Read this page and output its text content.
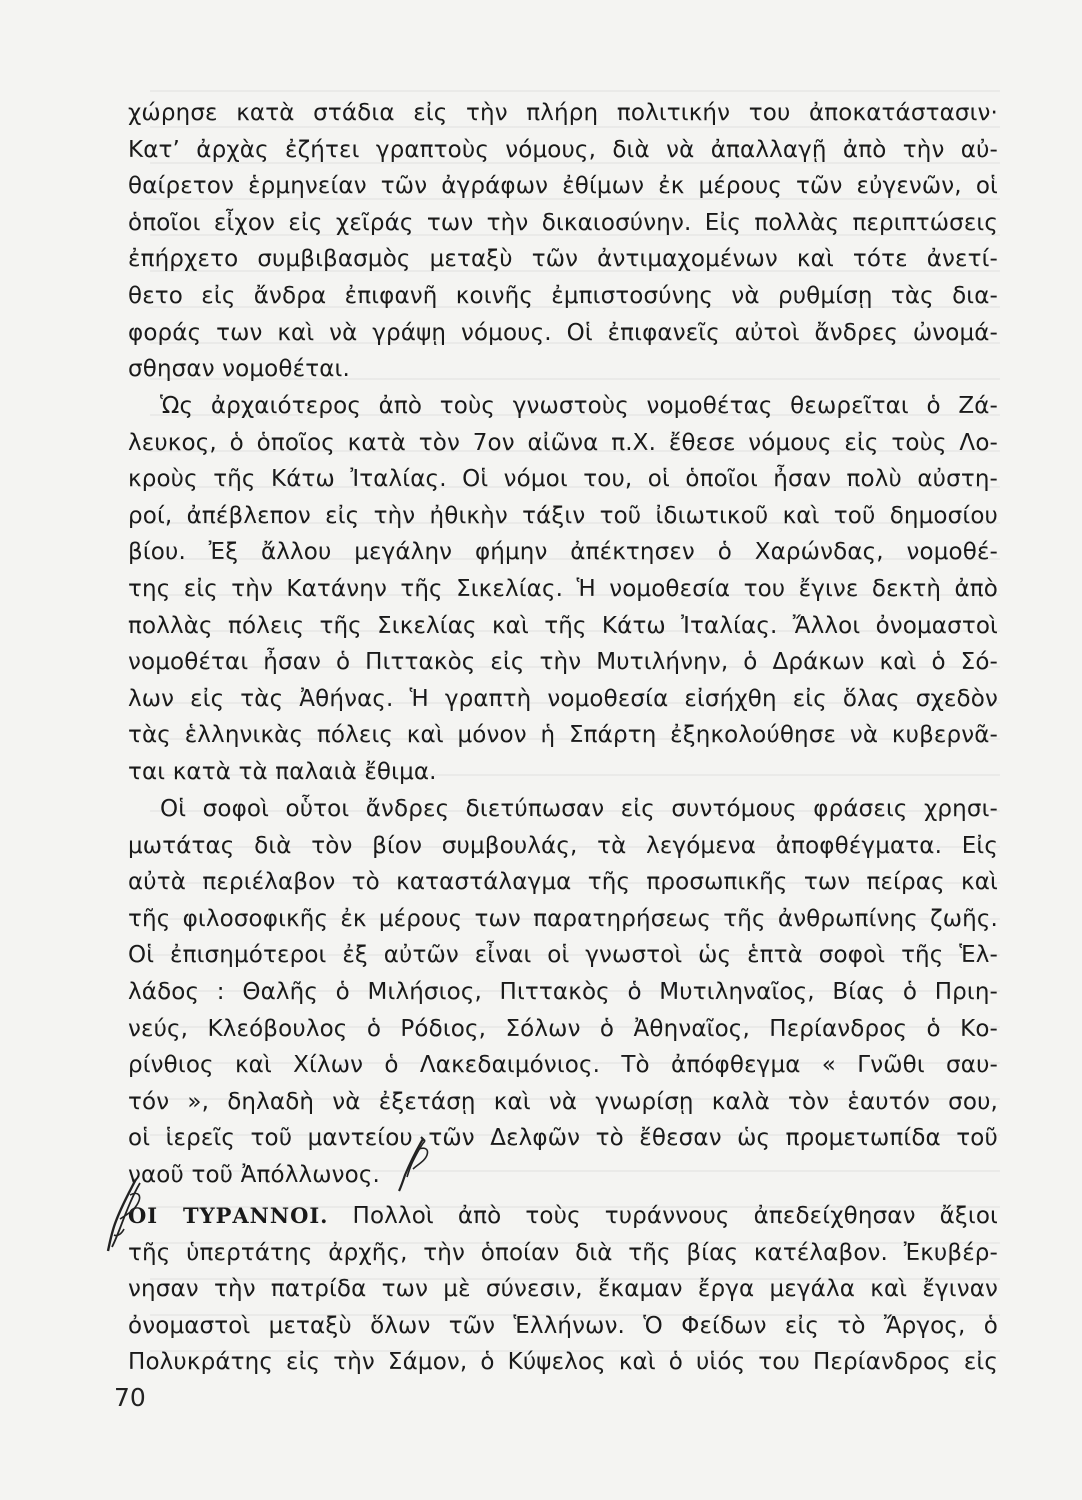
χώρησε κατὰ στάδια εἰς τὴν πλήρη πολιτικήν του ἀποκατάστασιν·
Κατ’ ἀρχὰς ἐζήτει γραπτοὺς νόμους, διὰ νὰ ἀπαλλαγῇ ἀπὸ τὴν αὐ-
θαίρετον ἑρμηνείαν τῶν ἀγράφων ἐθίμων ἐκ μέρους τῶν εὐγενῶν, οἱ
ὁποῖοι εἶχον εἰς χεῖράς των τὴν δικαιοσύνην. Εἰς πολλὰς περιπτώσεις
ἐπήρχετο συμβιβασμὸς μεταξὺ τῶν ἀντιμαχομένων καὶ τότε ἀνετί-
θετο εἰς ἄνδρα ἐπιφανῆ κοινῆς ἐμπιστοσύνης νὰ ρυθμίσῃ τὰς δια-
φοράς των καὶ νὰ γράψῃ νόμους. Οἱ ἐπιφανεῖς αὐτοὶ ἄνδρες ὠνομά-
σθησαν νομοθέται.
Ὡς ἀρχαιότερος ἀπὸ τοὺς γνωστοὺς νομοθέτας θεωρεῖται ὁ Ζά-
λευκος, ὁ ὁποῖος κατὰ τὸν 7ον αἰῶνα π.Χ. ἔθεσε νόμους εἰς τοὺς Λο-
κροὺς τῆς Κάτω Ἰταλίας. Οἱ νόμοι του, οἱ ὁποῖοι ἦσαν πολὺ αὐστη-
ροί, ἀπέβλεπον εἰς τὴν ἠθικὴν τάξιν τοῦ ἰδιωτικοῦ καὶ τοῦ δημοσίου
βίου. Ἐξ ἄλλου μεγάλην φήμην ἀπέκτησεν ὁ Χαρώνδας, νομοθέ-
της εἰς τὴν Κατάνην τῆς Σικελίας. Ἡ νομοθεσία του ἔγινε δεκτὴ ἀπὸ
πολλὰς πόλεις τῆς Σικελίας καὶ τῆς Κάτω Ἰταλίας. Ἄλλοι ὀνομαστοὶ
νομοθέται ἦσαν ὁ Πιττακὸς εἰς τὴν Μυτιλήνην, ὁ Δράκων καὶ ὁ Σό-
λων εἰς τὰς Ἀθήνας. Ἡ γραπτὴ νομοθεσία εἰσήχθη εἰς ὅλας σχεδὸν
τὰς ἑλληνικὰς πόλεις καὶ μόνον ἡ Σπάρτη ἐξηκολούθησε νὰ κυβερνᾶ-
ται κατὰ τὰ παλαιὰ ἔθιμα.
Οἱ σοφοὶ οὗτοι ἄνδρες διετύπωσαν εἰς συντόμους φράσεις χρησι-
μωτάτας διὰ τὸν βίον συμβουλάς, τὰ λεγόμενα ἀποφθέγματα. Εἰς
αὐτὰ περιέλαβον τὸ καταστάλαγμα τῆς προσωπικῆς των πείρας καὶ
τῆς φιλοσοφικῆς ἐκ μέρους των παρατηρήσεως τῆς ἀνθρωπίνης ζωῆς.
Οἱ ἐπισημότεροι ἐξ αὐτῶν εἶναι οἱ γνωστοὶ ὡς ἑπτὰ σοφοὶ τῆς Ἑλ-
λάδος : Θαλῆς ὁ Μιλήσιος, Πιττακὸς ὁ Μυτιληναῖος, Βίας ὁ Πριη-
νεύς, Κλεόβουλος ὁ Ρόδιος, Σόλων ὁ Ἀθηναῖος, Περίανδρος ὁ Κο-
ρίνθιος καὶ Χίλων ὁ Λακεδαιμόνιος. Τὸ ἀπόφθεγμα « Γνῶθι σαυ-
τόν », δηλαδὴ νὰ ἐξετάσῃ καὶ νὰ γνωρίσῃ καλὰ τὸν ἑαυτόν σου,
οἱ ἱερεῖς τοῦ μαντείου τῶν Δελφῶν τὸ ἔθεσαν ὡς προμετωπίδα τοῦ
ναοῦ τοῦ Ἀπόλλωνος.
ΟΙ ΤΥΡΑΝΝΟΙ. Πολλοὶ ἀπὸ τοὺς τυράννους ἀπεδείχθησαν ἄξιοι
τῆς ὑπερτάτης ἀρχῆς, τὴν ὁποίαν διὰ τῆς βίας κατέλαβον. Ἐκυβέρ-
νησαν τὴν πατρίδα των μὲ σύνεσιν, ἔκαμαν ἔργα μεγάλα καὶ ἔγιναν
ὀνομαστοὶ μεταξὺ ὅλων τῶν Ἑλλήνων. Ὁ Φείδων εἰς τὸ Ἄργος, ὁ
Πολυκράτης εἰς τὴν Σάμον, ὁ Κύψελος καὶ ὁ υἱός του Περίανδρος εἰς
70
